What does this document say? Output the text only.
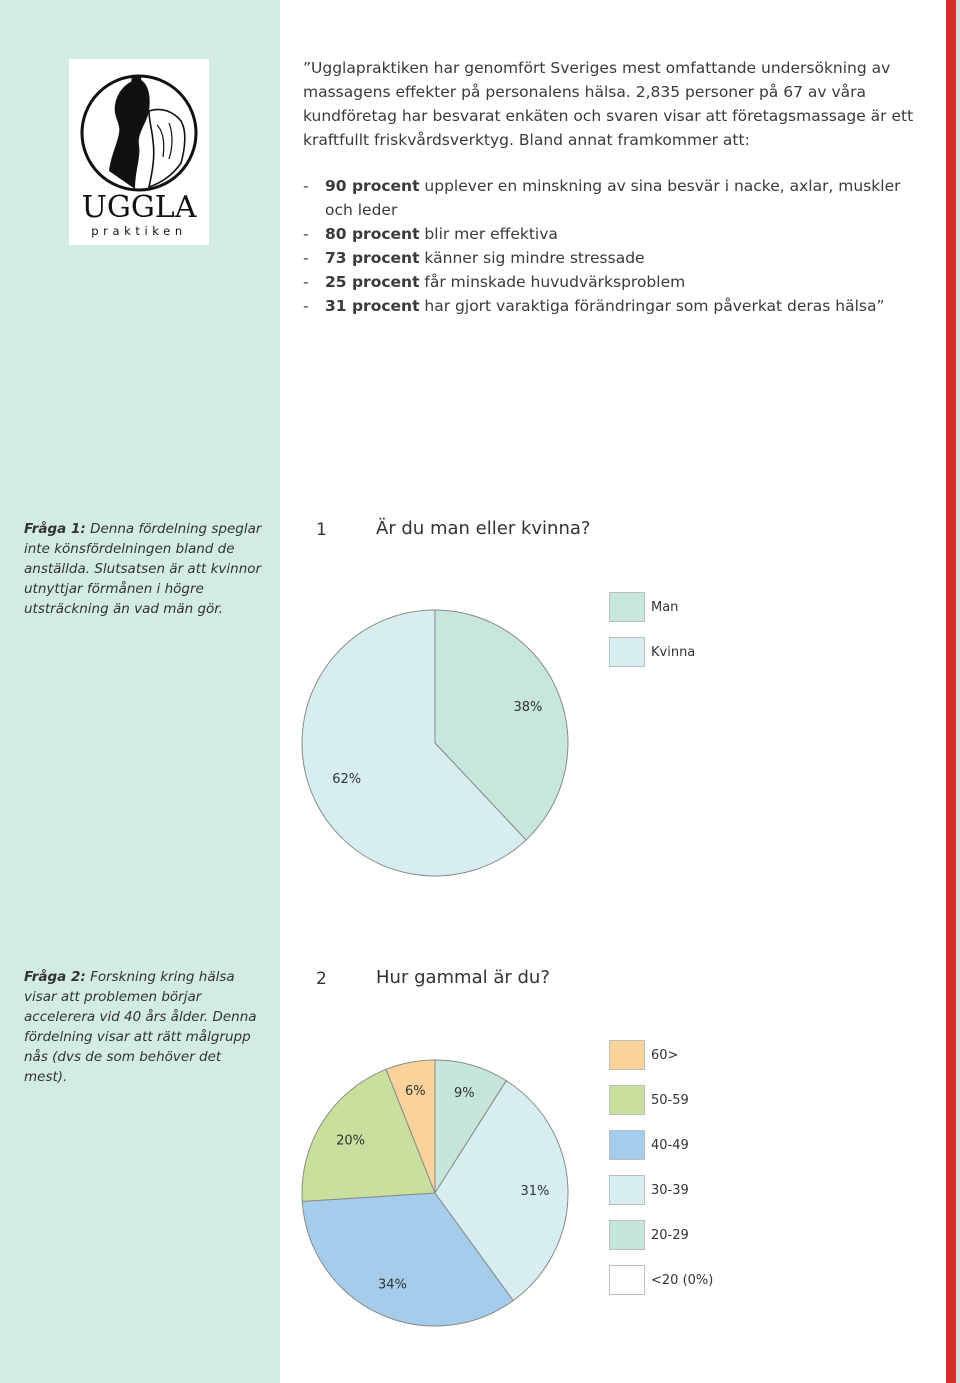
UGGLA
praktiken

”Ugglapraktiken har genomfört Sveriges mest omfattande undersökning av massagens effekter på personalens hälsa. 2,835 personer på 67 av våra kundföretag har besvarat enkäten och svaren visar att företagsmassage är ett kraftfullt friskvårdsverktyg. Bland annat framkommer att:

- 90 procent upplever en minskning av sina besvär i nacke, axlar, muskler och leder
- 80 procent blir mer effektiva
- 73 procent känner sig mindre stressade
- 25 procent får minskade huvudvärksproblem
- 31 procent har gjort varaktiga förändringar som påverkat deras hälsa”
Fråga 1: Denna fördelning speglar inte könsfördelningen bland de anställda. Slutsatsen är att kvinnor utnyttjar förmånen i högre utsträckning än vad män gör.
Fråga 2: Forskning kring hälsa visar att problemen börjar accelerera vid 40 års ålder. Denna fördelning visar att rätt målgrupp nås (dvs de som behöver det mest).
1	Är du man eller kvinna?
38%
62%
Man
Kvinna
2	Hur gammal är du?
9%
31%
34%
20%
6%
60>
50-59
40-49
30-39
20-29
<20 (0%)
